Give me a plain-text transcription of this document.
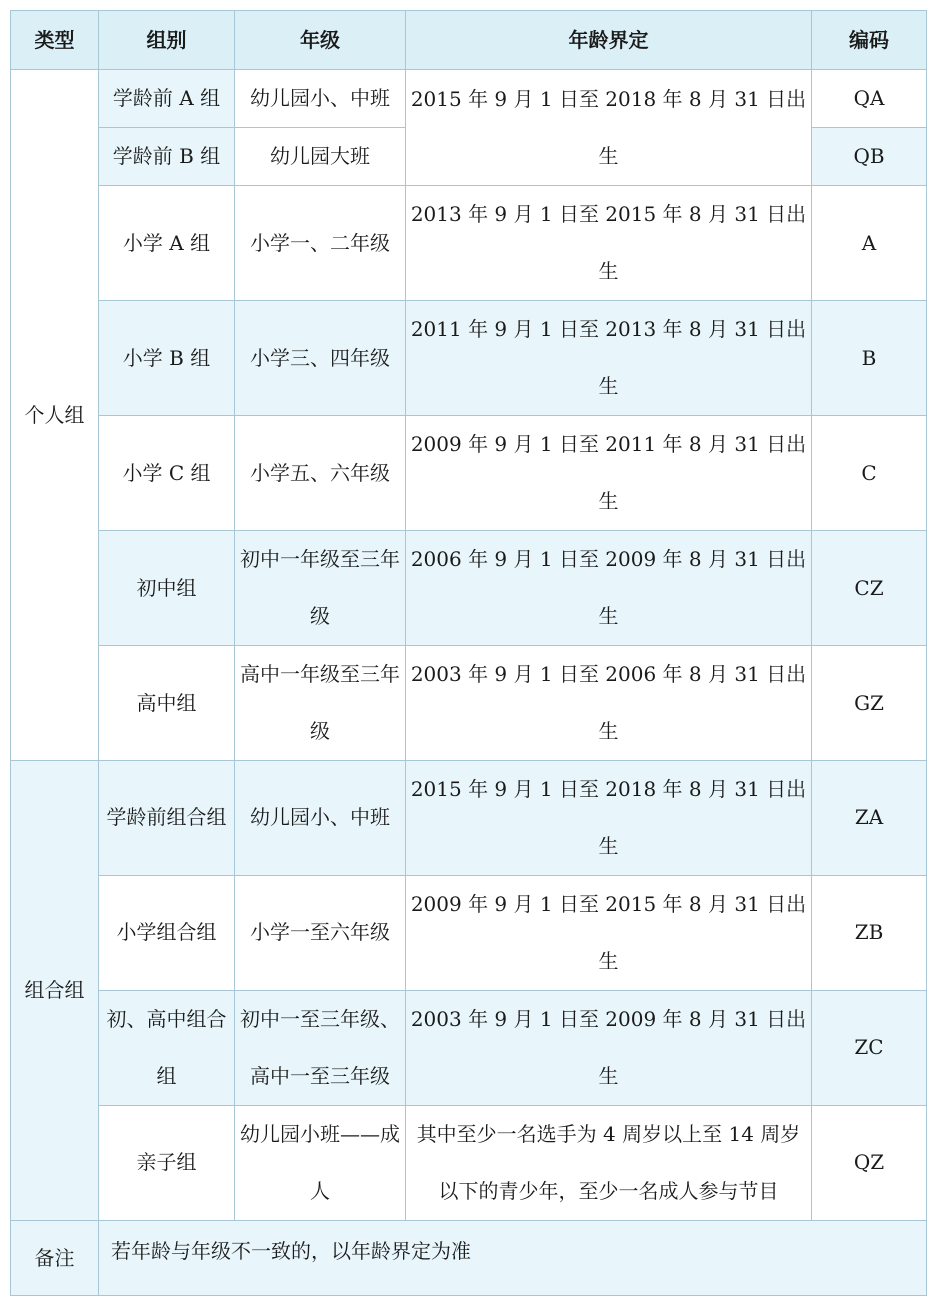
类型	组别	年级	年龄界定	编码
个人组	学龄前 A 组	幼儿园小、中班	2015 年 9 月 1 日至 2018 年 8 月 31 日出生	QA
	学龄前 B 组	幼儿园大班		QB
	小学 A 组	小学一、二年级	2013 年 9 月 1 日至 2015 年 8 月 31 日出生	A
	小学 B 组	小学三、四年级	2011 年 9 月 1 日至 2013 年 8 月 31 日出生	B
	小学 C 组	小学五、六年级	2009 年 9 月 1 日至 2011 年 8 月 31 日出生	C
	初中组	初中一年级至三年级	2006 年 9 月 1 日至 2009 年 8 月 31 日出生	CZ
	高中组	高中一年级至三年级	2003 年 9 月 1 日至 2006 年 8 月 31 日出生	GZ
组合组	学龄前组合组	幼儿园小、中班	2015 年 9 月 1 日至 2018 年 8 月 31 日出生	ZA
	小学组合组	小学一至六年级	2009 年 9 月 1 日至 2015 年 8 月 31 日出生	ZB
	初、高中组合组	初中一至三年级、高中一至三年级	2003 年 9 月 1 日至 2009 年 8 月 31 日出生	ZC
	亲子组	幼儿园小班——成人	其中至少一名选手为 4 周岁以上至 14 周岁以下的青少年，至少一名成人参与节目	QZ
备注	若年龄与年级不一致的，以年龄界定为准			
